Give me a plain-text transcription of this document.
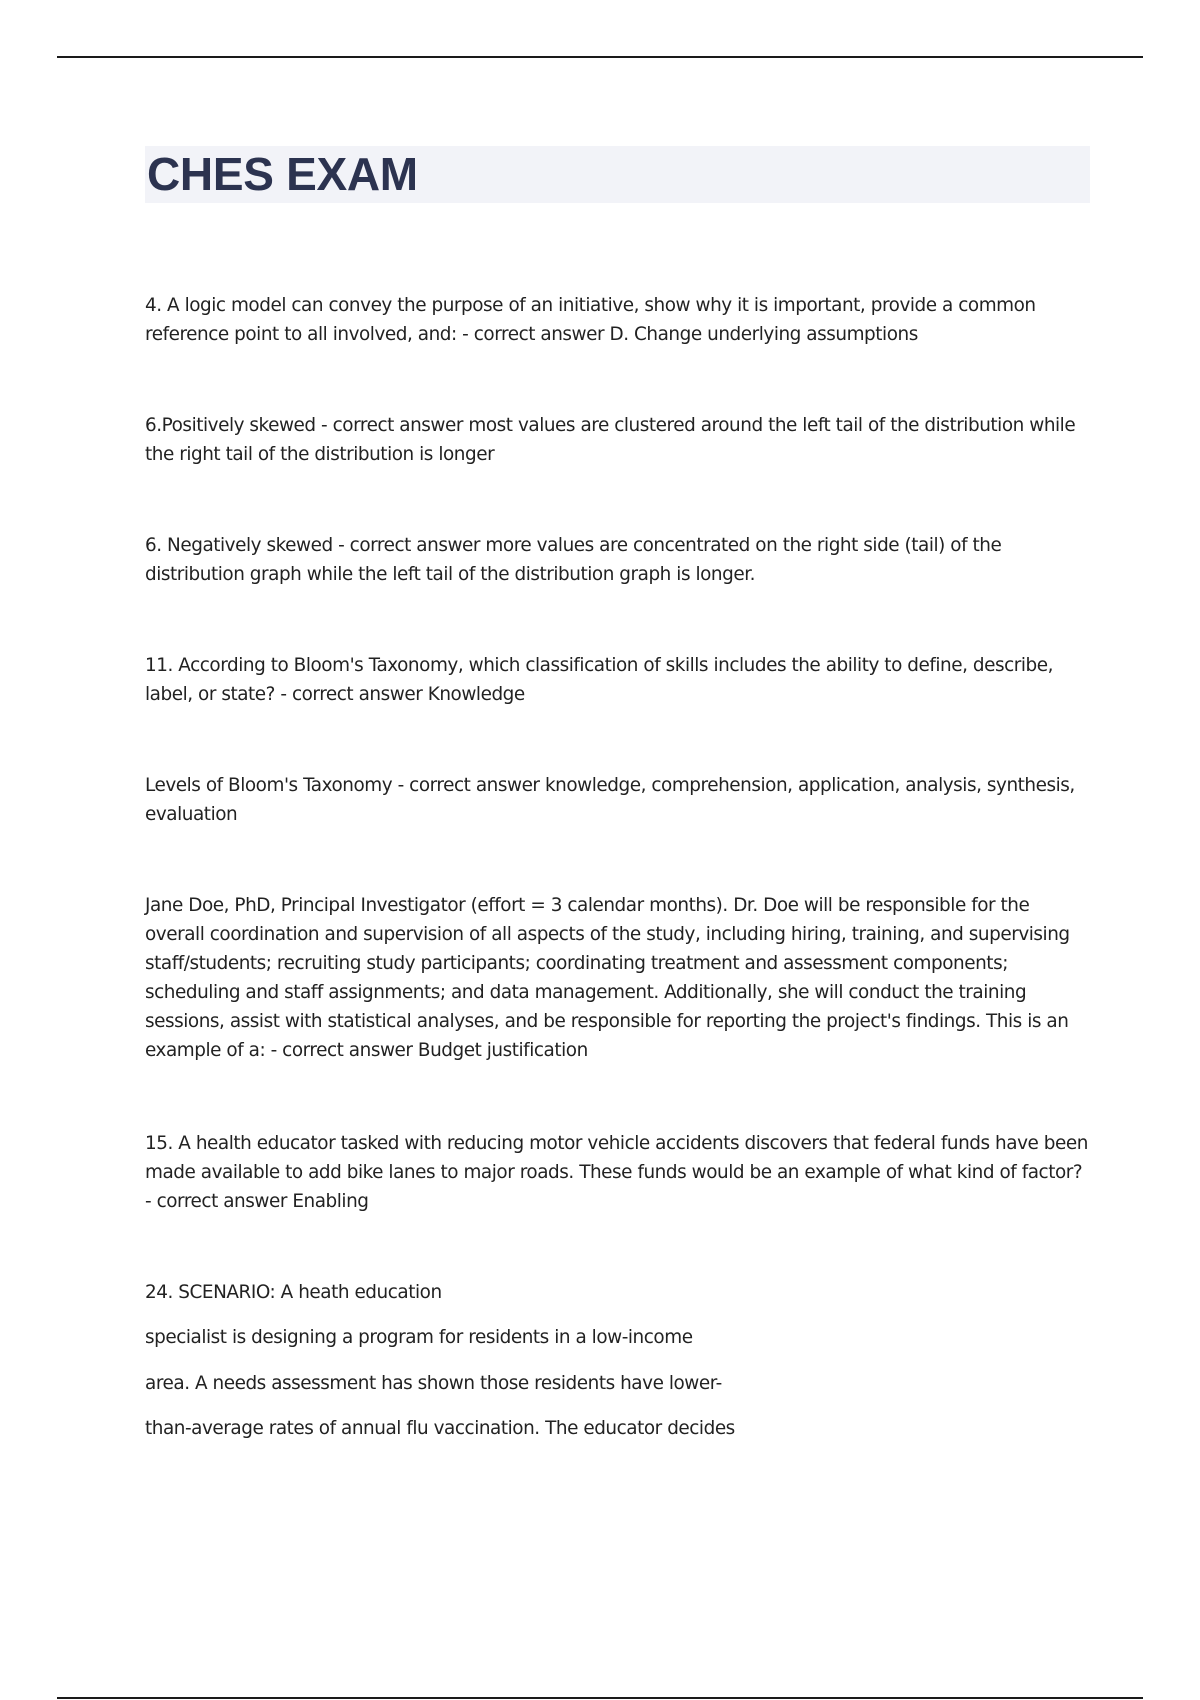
CHES EXAM

4. A logic model can convey the purpose of an initiative, show why it is important, provide a common reference point to all involved, and: - correct answer D. Change underlying assumptions

6.Positively skewed - correct answer most values are clustered around the left tail of the distribution while the right tail of the distribution is longer

6. Negatively skewed - correct answer more values are concentrated on the right side (tail) of the distribution graph while the left tail of the distribution graph is longer.

11. According to Bloom's Taxonomy, which classification of skills includes the ability to define, describe, label, or state? - correct answer Knowledge

Levels of Bloom's Taxonomy - correct answer knowledge, comprehension, application, analysis, synthesis, evaluation

Jane Doe, PhD, Principal Investigator (effort = 3 calendar months). Dr. Doe will be responsible for the overall coordination and supervision of all aspects of the study, including hiring, training, and supervising staff/students; recruiting study participants; coordinating treatment and assessment components; scheduling and staff assignments; and data management. Additionally, she will conduct the training sessions, assist with statistical analyses, and be responsible for reporting the project's findings. This is an example of a: - correct answer Budget justification

15. A health educator tasked with reducing motor vehicle accidents discovers that federal funds have been made available to add bike lanes to major roads. These funds would be an example of what kind of factor? - correct answer Enabling

24. SCENARIO: A heath education

specialist is designing a program for residents in a low-income

area. A needs assessment has shown those residents have lower-

than-average rates of annual flu vaccination. The educator decides
